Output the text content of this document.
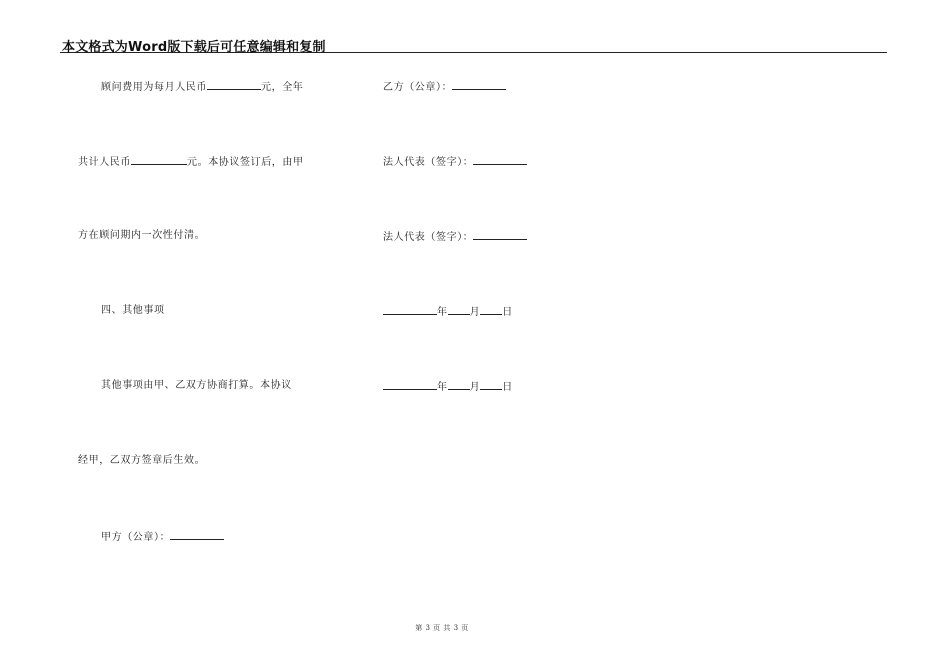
本文格式为Word版下载后可任意编辑和复制
顾问费用为每月人民币	元，全年
共计人民币	元。本协议签订后，由甲
方在顾问期内一次性付清。
四、其他事项
其他事项由甲、乙双方协商打算。本协议
经甲，乙双方签章后生效。
甲方（公章）：
乙方（公章）：
法人代表（签字）：
法人代表（签字）：
年 月 日
年 月 日
第 3 页 共 3 页
